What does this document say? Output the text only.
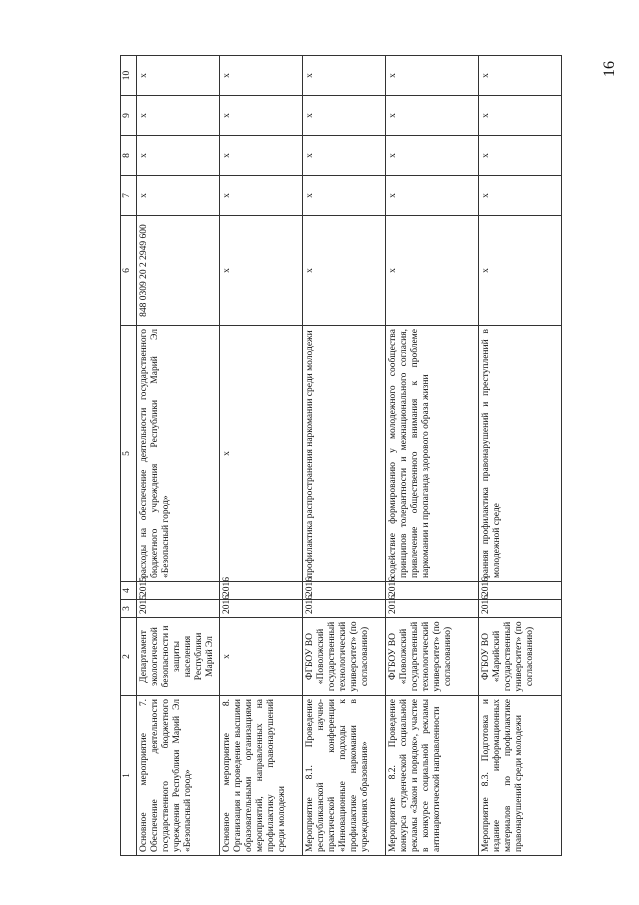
16
1	2	3	4	5	6	7	8	9	10
Основное мероприятие 7. Обеспечение деятельности государственного бюджетного учреждения Республики Марий Эл «Безопасный город»	Департамент экологической безопасности и защиты населения Республики Марий Эл	2015	2015	расходы на обеспечение деятельности государственного бюджетного учреждения Республики Марий Эл «Безопасный город»	848 0309 20 2 2949 600	x	x	x	x
Основное мероприятие 8. Организация и проведение высшими образовательными организациями мероприятий, направленных на профилактику правонарушений среди молодежи	x	2016	2016	x	x	x	x	x	x
Мероприятие 8.1. Проведение республиканской научно-практической конференции «Инновационные подходы к профилактике наркомании в учреждениях образования»	ФГБОУ ВО «Поволжский государственный технологический университет» (по согласованию)	2016	2016	профилактика распространения наркомании среди молодежи	x	x	x	x	x
Мероприятие 8.2. Проведение конкурса студенческой социальной рекламы «Закон и порядок», участие в конкурсе социальной рекламы антинаркотической направленности	ФГБОУ ВО «Поволжский государственный технологический университет» (по согласованию)	2016	2016	содействие формированию у молодежного сообщества принципов толерантности и межнационального согласия, привлечение общественного внимания к проблеме наркомании и пропаганда здорового образа жизни	x	x	x	x	x
Мероприятие 8.3. Подготовка и издание информационных материалов по профилактике правонарушений среди молодежи	ФГБОУ ВО «Марийский государственный университет» (по согласованию)	2016	2016	ранняя профилактика правонарушений и преступлений в молодежной среде	x	x	x	x	x
